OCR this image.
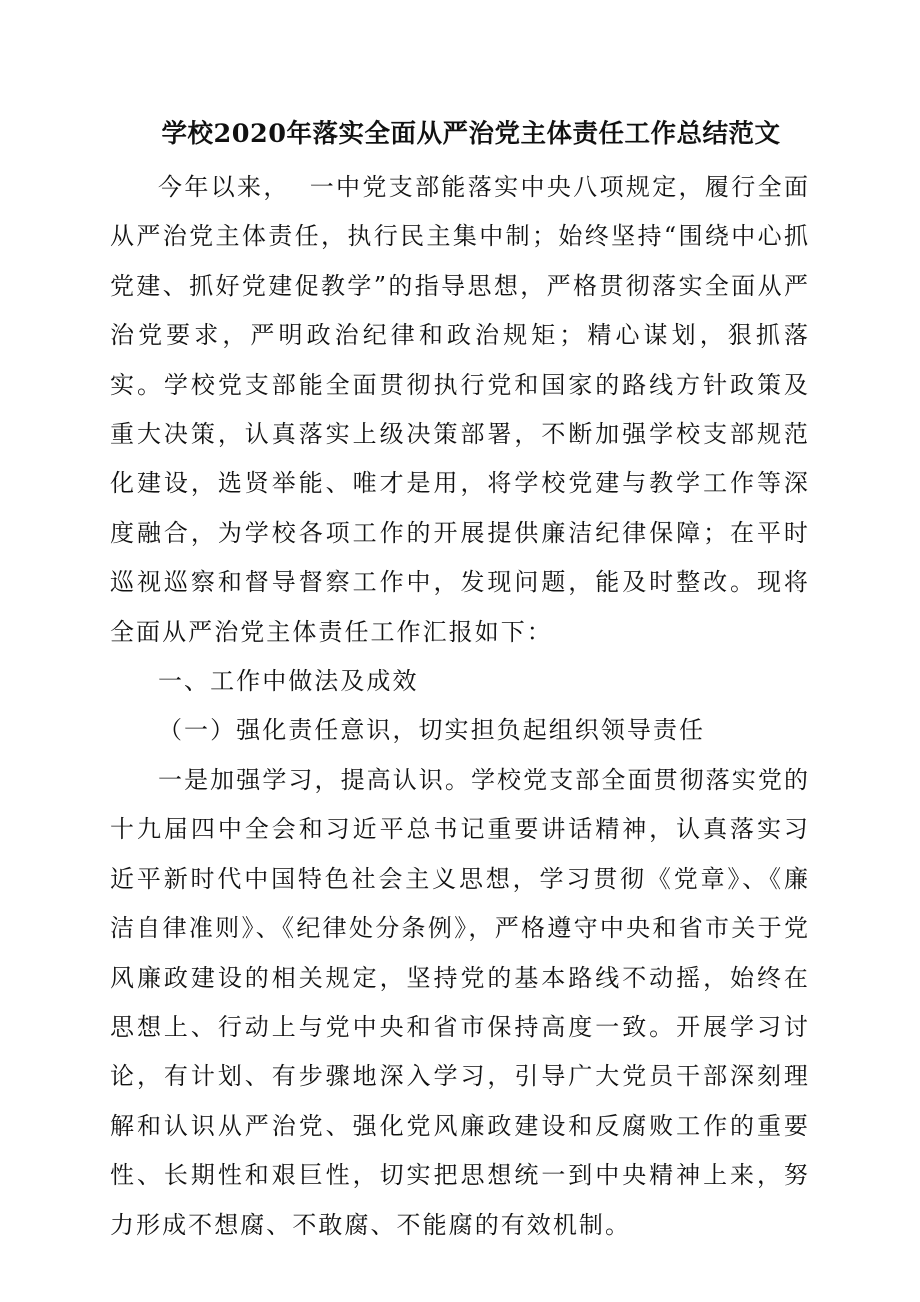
学校2020年落实全面从严治党主体责任工作总结范文

今年以来，  一中党支部能落实中央八项规定，履行全面从严治党主体责任，执行民主集中制；始终坚持“围绕中心抓党建、抓好党建促教学”的指导思想，严格贯彻落实全面从严治党要求，严明政治纪律和政治规矩；精心谋划，狠抓落实。学校党支部能全面贯彻执行党和国家的路线方针政策及重大决策，认真落实上级决策部署，不断加强学校支部规范化建设，选贤举能、唯才是用，将学校党建与教学工作等深度融合，为学校各项工作的开展提供廉洁纪律保障；在平时巡视巡察和督导督察工作中，发现问题，能及时整改。现将全面从严治党主体责任工作汇报如下：

一、工作中做法及成效

（一）强化责任意识，切实担负起组织领导责任

一是加强学习，提高认识。学校党支部全面贯彻落实党的十九届四中全会和习近平总书记重要讲话精神，认真落实习近平新时代中国特色社会主义思想，学习贯彻《党章》、《廉洁自律准则》、《纪律处分条例》，严格遵守中央和省市关于党风廉政建设的相关规定，坚持党的基本路线不动摇，始终在思想上、行动上与党中央和省市保持高度一致。开展学习讨论，有计划、有步骤地深入学习，引导广大党员干部深刻理解和认识从严治党、强化党风廉政建设和反腐败工作的重要性、长期性和艰巨性，切实把思想统一到中央精神上来，努力形成不想腐、不敢腐、不能腐的有效机制。
